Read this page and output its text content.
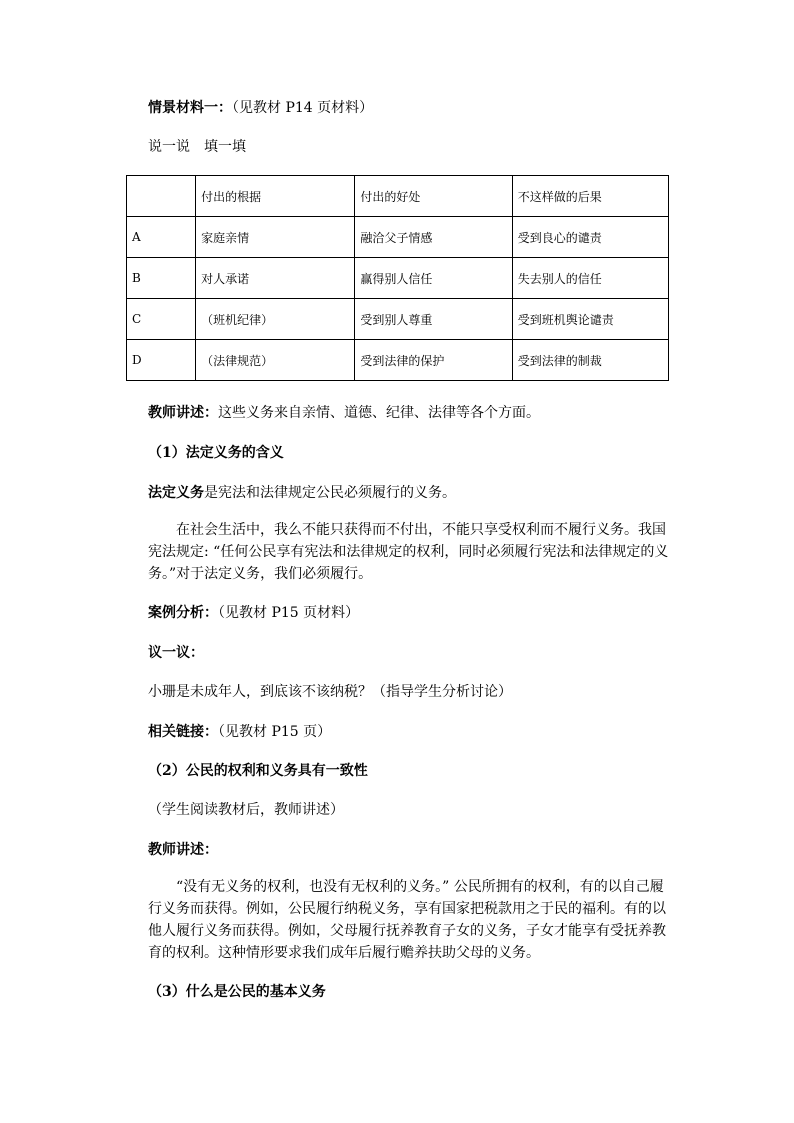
情景材料一：（见教材 P14 页材料）
说一说　填一填
	付出的根据	付出的好处	不这样做的后果
A	家庭亲情	融洽父子情感	受到良心的谴责
B	对人承诺	赢得别人信任	失去别人的信任
C	（班机纪律）	受到别人尊重	受到班机舆论谴责
D	（法律规范）	受到法律的保护	受到法律的制裁
教师讲述：这些义务来自亲情、道德、纪律、法律等各个方面。
（1）法定义务的含义
法定义务是宪法和法律规定公民必须履行的义务。
在社会生活中，我么不能只获得而不付出，不能只享受权利而不履行义务。我国宪法规定: “任何公民享有宪法和法律规定的权利，同时必须履行宪法和法律规定的义务。”对于法定义务，我们必须履行。
案例分析：（见教材 P15 页材料）
议一议：
小珊是未成年人，到底该不该纳税？（指导学生分析讨论）
相关链接：（见教材 P15 页）
（2）公民的权利和义务具有一致性
（学生阅读教材后，教师讲述）
教师讲述：
“没有无义务的权利，也没有无权利的义务。” 公民所拥有的权利，有的以自己履行义务而获得。例如，公民履行纳税义务，享有国家把税款用之于民的福利。有的以他人履行义务而获得。例如，父母履行抚养教育子女的义务，子女才能享有受抚养教育的权利。这种情形要求我们成年后履行赡养扶助父母的义务。
（3）什么是公民的基本义务
